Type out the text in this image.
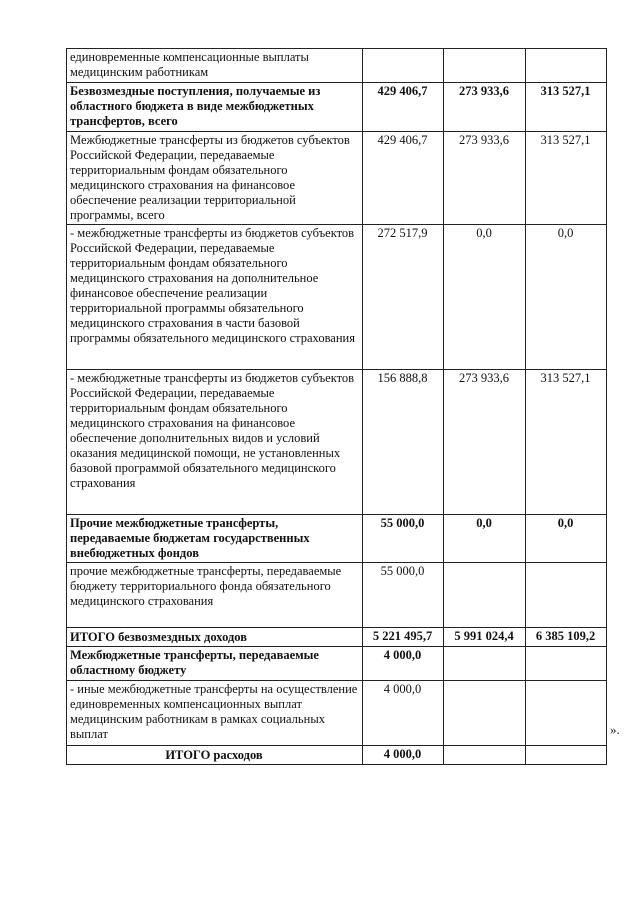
единовременные компенсационные выплаты медицинским работникам			
Безвозмездные поступления, получаемые из областного бюджета в виде межбюджетных трансфертов, всего	429 406,7	273 933,6	313 527,1
Межбюджетные трансферты из бюджетов субъектов Российской Федерации, передаваемые территориальным фондам обязательного медицинского страхования на финансовое обеспечение реализации территориальной программы, всего	429 406,7	273 933,6	313 527,1
- межбюджетные трансферты из бюджетов субъектов Российской Федерации, передаваемые территориальным фондам обязательного медицинского страхования на дополнительное финансовое обеспечение реализации территориальной программы обязательного медицинского страхования в части базовой программы обязательного медицинского страхования	272 517,9	0,0	0,0
- межбюджетные трансферты из бюджетов субъектов Российской Федерации, передаваемые территориальным фондам обязательного медицинского страхования на финансовое обеспечение дополнительных видов и условий оказания медицинской помощи, не установленных базовой программой обязательного медицинского страхования	156 888,8	273 933,6	313 527,1
Прочие межбюджетные трансферты, передаваемые бюджетам государственных внебюджетных фондов	55 000,0	0,0	0,0
прочие межбюджетные трансферты, передаваемые бюджету территориального фонда обязательного медицинского страхования	55 000,0		
ИТОГО безвозмездных доходов	5 221 495,7	5 991 024,4	6 385 109,2
Межбюджетные трансферты, передаваемые областному бюджету	4 000,0		
- иные межбюджетные трансферты на осуществление единовременных компенсационных выплат медицинским работникам в рамках социальных выплат	4 000,0		
ИТОГО расходов	4 000,0		
».
